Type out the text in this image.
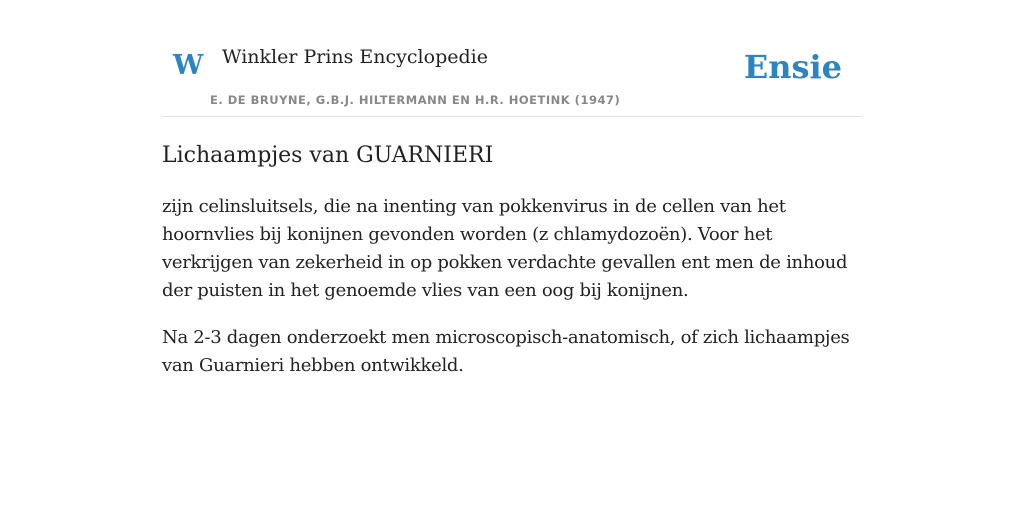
W Winkler Prins Encyclopedie
E. DE BRUYNE, G.B.J. HILTERMANN EN H.R. HOETINK (1947)
Ensie
Lichaampjes van GUARNIERI

zijn celinsluitsels, die na inenting van pokkenvirus in de cellen van het hoornvlies bij konijnen gevonden worden (z chlamydozoën). Voor het verkrijgen van zekerheid in op pokken verdachte gevallen ent men de inhoud der puisten in het genoemde vlies van een oog bij konijnen.

Na 2-3 dagen onderzoekt men microscopisch-anatomisch, of zich lichaampjes van Guarnieri hebben ontwikkeld.
